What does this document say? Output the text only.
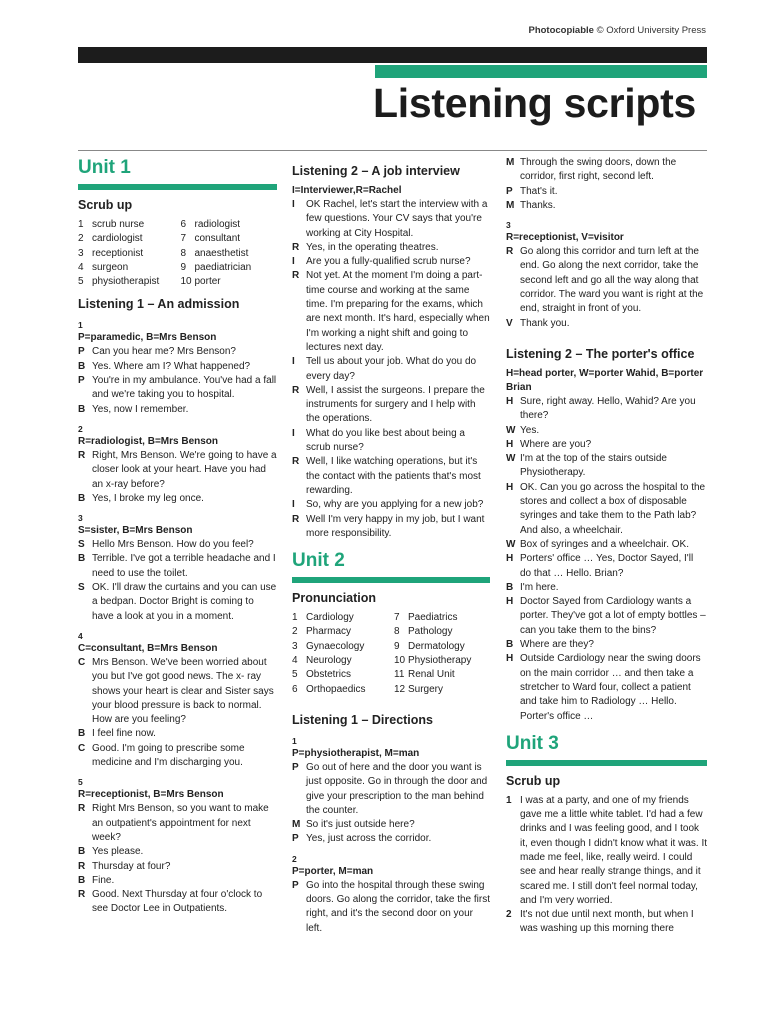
Photocopiable © Oxford University Press
Listening scripts
Unit 1
Scrub up
1 scrub nurse	6 radiologist
2 cardiologist	7 consultant
3 receptionist	8 anaesthetist
4 surgeon	9 paediatrician
5 physiotherapist 10 porter
Listening 1 – An admission
1
P=paramedic, B=Mrs Benson
P Can you hear me? Mrs Benson?
B Yes. Where am I? What happened?
P You're in my ambulance. You've had a fall and we're taking you to hospital.
B Yes, now I remember.
2
R=radiologist, B=Mrs Benson
R Right, Mrs Benson. We're going to have a closer look at your heart. Have you had an x-ray before?
B Yes, I broke my leg once.
3
S=sister, B=Mrs Benson
S Hello Mrs Benson. How do you feel?
B Terrible. I've got a terrible headache and I need to use the toilet.
S OK. I'll draw the curtains and you can use a bedpan. Doctor Bright is coming to have a look at you in a moment.
4
C=consultant, B=Mrs Benson
C Mrs Benson. We've been worried about you but I've got good news. The x- ray shows your heart is clear and Sister says your blood pressure is back to normal. How are you feeling?
B I feel fine now.
C Good. I'm going to prescribe some medicine and I'm discharging you.
5
R=receptionist, B=Mrs Benson
R Right Mrs Benson, so you want to make an outpatient's appointment for next week?
B Yes please.
R Thursday at four?
B Fine.
R Good. Next Thursday at four o'clock to see Doctor Lee in Outpatients.
Listening 2 – A job interview
I=Interviewer,R=Rachel
I	OK Rachel, let's start the interview with a few questions. Your CV says that you're working at City Hospital.
R Yes, in the operating theatres.
I	Are you a fully-qualified scrub nurse?
R Not yet. At the moment I'm doing a part-time course and working at the same time. I'm preparing for the exams, which are next month. It's hard, especially when I'm working a night shift and going to lectures next day.
I	Tell us about your job. What do you do every day?
R Well, I assist the surgeons. I prepare the instruments for surgery and I help with the operations.
I	What do you like best about being a scrub nurse?
R Well, I like watching operations, but it's the contact with the patients that's most rewarding.
I	So, why are you applying for a new job?
R Well I'm very happy in my job, but I want more responsibility.
Unit 2
Pronunciation
1 Cardiology	7 Paediatrics
2 Pharmacy	8 Pathology
3 Gynaecology	9 Dermatology
4 Neurology	10 Physiotherapy
5 Obstetrics	11 Renal Unit
6 Orthopaedics	12 Surgery
Listening 1 – Directions
1
P=physiotherapist, M=man
P Go out of here and the door you want is just opposite. Go in through the door and give your prescription to the man behind the counter.
M So it's just outside here?
P Yes, just across the corridor.
2
P=porter, M=man
P Go into the hospital through these swing doors. Go along the corridor, take the first right, and it's the second door on your left.
M Through the swing doors, down the corridor, first right, second left.
P That's it.
M Thanks.
3
R=receptionist, V=visitor
R Go along this corridor and turn left at the end. Go along the next corridor, take the second left and go all the way along that corridor. The ward you want is right at the end, straight in front of you.
V Thank you.
Listening 2 – The porter's office
H=head porter, W=porter Wahid, B=porter Brian
H Sure, right away. Hello, Wahid? Are you there?
W Yes.
H Where are you?
W I'm at the top of the stairs outside Physiotherapy.
H OK. Can you go across the hospital to the stores and collect a box of disposable syringes and take them to the Path lab? And also, a wheelchair.
W Box of syringes and a wheelchair. OK.
H Porters' office … Yes, Doctor Sayed, I'll do that … Hello. Brian?
B I'm here.
H Doctor Sayed from Cardiology wants a porter. They've got a lot of empty bottles – can you take them to the bins?
B Where are they?
H Outside Cardiology near the swing doors on the main corridor … and then take a stretcher to Ward four, collect a patient and take him to Radiology … Hello. Porter's office …
Unit 3
Scrub up
1 I was at a party, and one of my friends gave me a little white tablet. I'd had a few drinks and I was feeling good, and I took it, even though I didn't know what it was. It made me feel, like, really weird. I could see and hear really strange things, and it scared me. I still don't feel normal today, and I'm very worried.
2 It's not due until next month, but when I was washing up this morning there
